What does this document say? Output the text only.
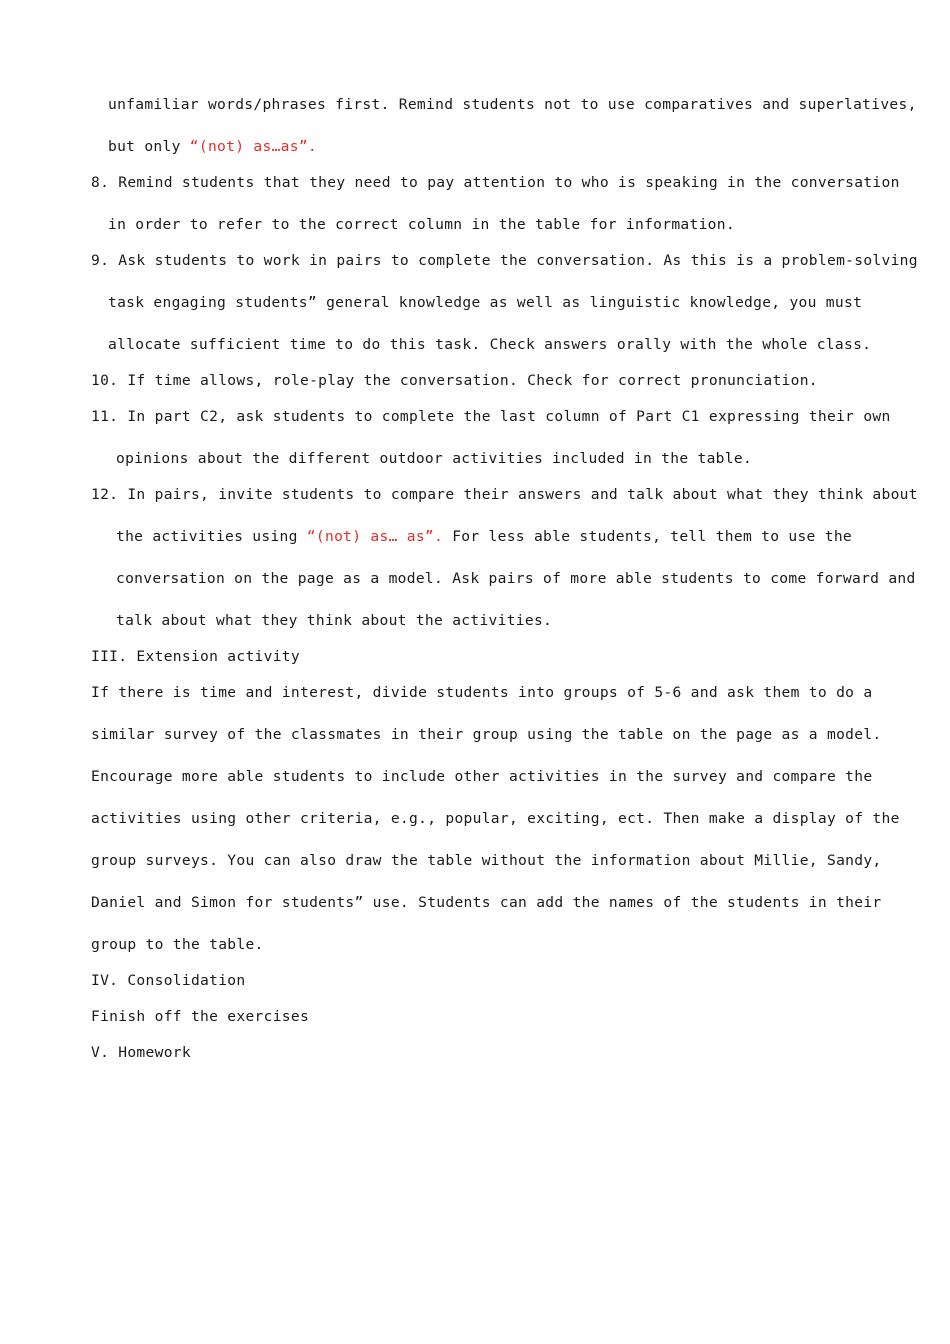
unfamiliar words/phrases first. Remind students not to use comparatives and superlatives,
but only “(not) as…as”.
8. Remind students that they need to pay attention to who is speaking in the conversation
in order to refer to the correct column in the table for information.
9. Ask students to work in pairs to complete the conversation. As this is a problem-solving
task engaging students” general knowledge as well as linguistic knowledge, you must
allocate sufficient time to do this task. Check answers orally with the whole class.
10. If time allows, role-play the conversation. Check for correct pronunciation.
11. In part C2, ask students to complete the last column of Part C1 expressing their own
opinions about the different outdoor activities included in the table.
12. In pairs, invite students to compare their answers and talk about what they think about
the activities using “(not) as… as”. For less able students, tell them to use the
conversation on the page as a model. Ask pairs of more able students to come forward and
talk about what they think about the activities.
III. Extension activity
If there is time and interest, divide students into groups of 5-6 and ask them to do a
similar survey of the classmates in their group using the table on the page as a model.
Encourage more able students to include other activities in the survey and compare the
activities using other criteria, e.g., popular, exciting, ect. Then make a display of the
group surveys. You can also draw the table without the information about Millie, Sandy,
Daniel and Simon for students” use. Students can add the names of the students in their
group to the table.
IV. Consolidation
Finish off the exercises
V. Homework
